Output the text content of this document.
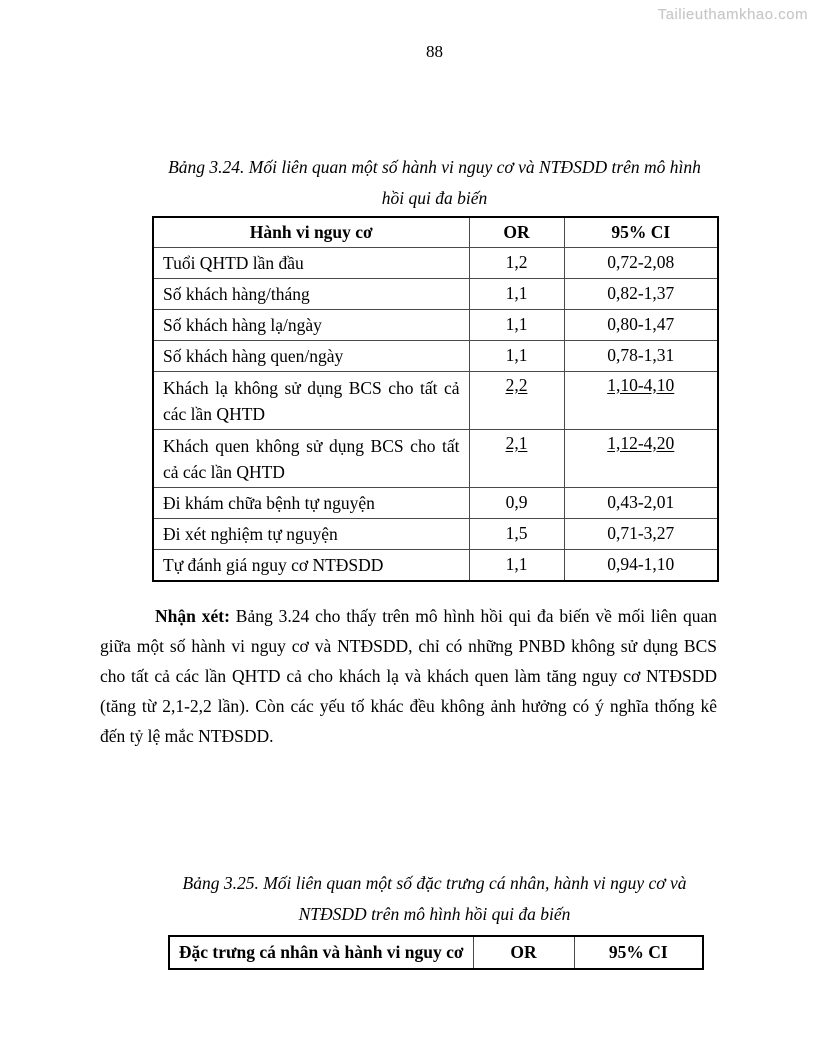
Tailieuthamkhao.com
88
Bảng 3.24. Mối liên quan một số hành vi nguy cơ và NTĐSDD trên mô hình
hồi qui đa biến
Hành vi nguy cơ	OR	95% CI
Tuổi QHTD lần đầu	1,2	0,72-2,08
Số khách hàng/tháng	1,1	0,82-1,37
Số khách hàng lạ/ngày	1,1	0,80-1,47
Số khách hàng quen/ngày	1,1	0,78-1,31
Khách lạ không sử dụng BCS cho tất cả các lần QHTD	2,2	1,10-4,10
Khách quen không sử dụng BCS cho tất cả các lần QHTD	2,1	1,12-4,20
Đi khám chữa bệnh tự nguyện	0,9	0,43-2,01
Đi xét nghiệm tự nguyện	1,5	0,71-3,27
Tự đánh giá nguy cơ NTĐSDD	1,1	0,94-1,10

Nhận xét: Bảng 3.24 cho thấy trên mô hình hồi qui đa biến về mối liên quan giữa một số hành vi nguy cơ và NTĐSDD, chỉ có những PNBD không sử dụng BCS cho tất cả các lần QHTD cả cho khách lạ và khách quen làm tăng nguy cơ NTĐSDD (tăng từ 2,1-2,2 lần). Còn các yếu tố khác đều không ảnh hưởng có ý nghĩa thống kê đến tỷ lệ mắc NTĐSDD.

Bảng 3.25. Mối liên quan một số đặc trưng cá nhân, hành vi nguy cơ và
NTĐSDD trên mô hình hồi qui đa biến
Đặc trưng cá nhân và hành vi nguy cơ	OR	95% CI
